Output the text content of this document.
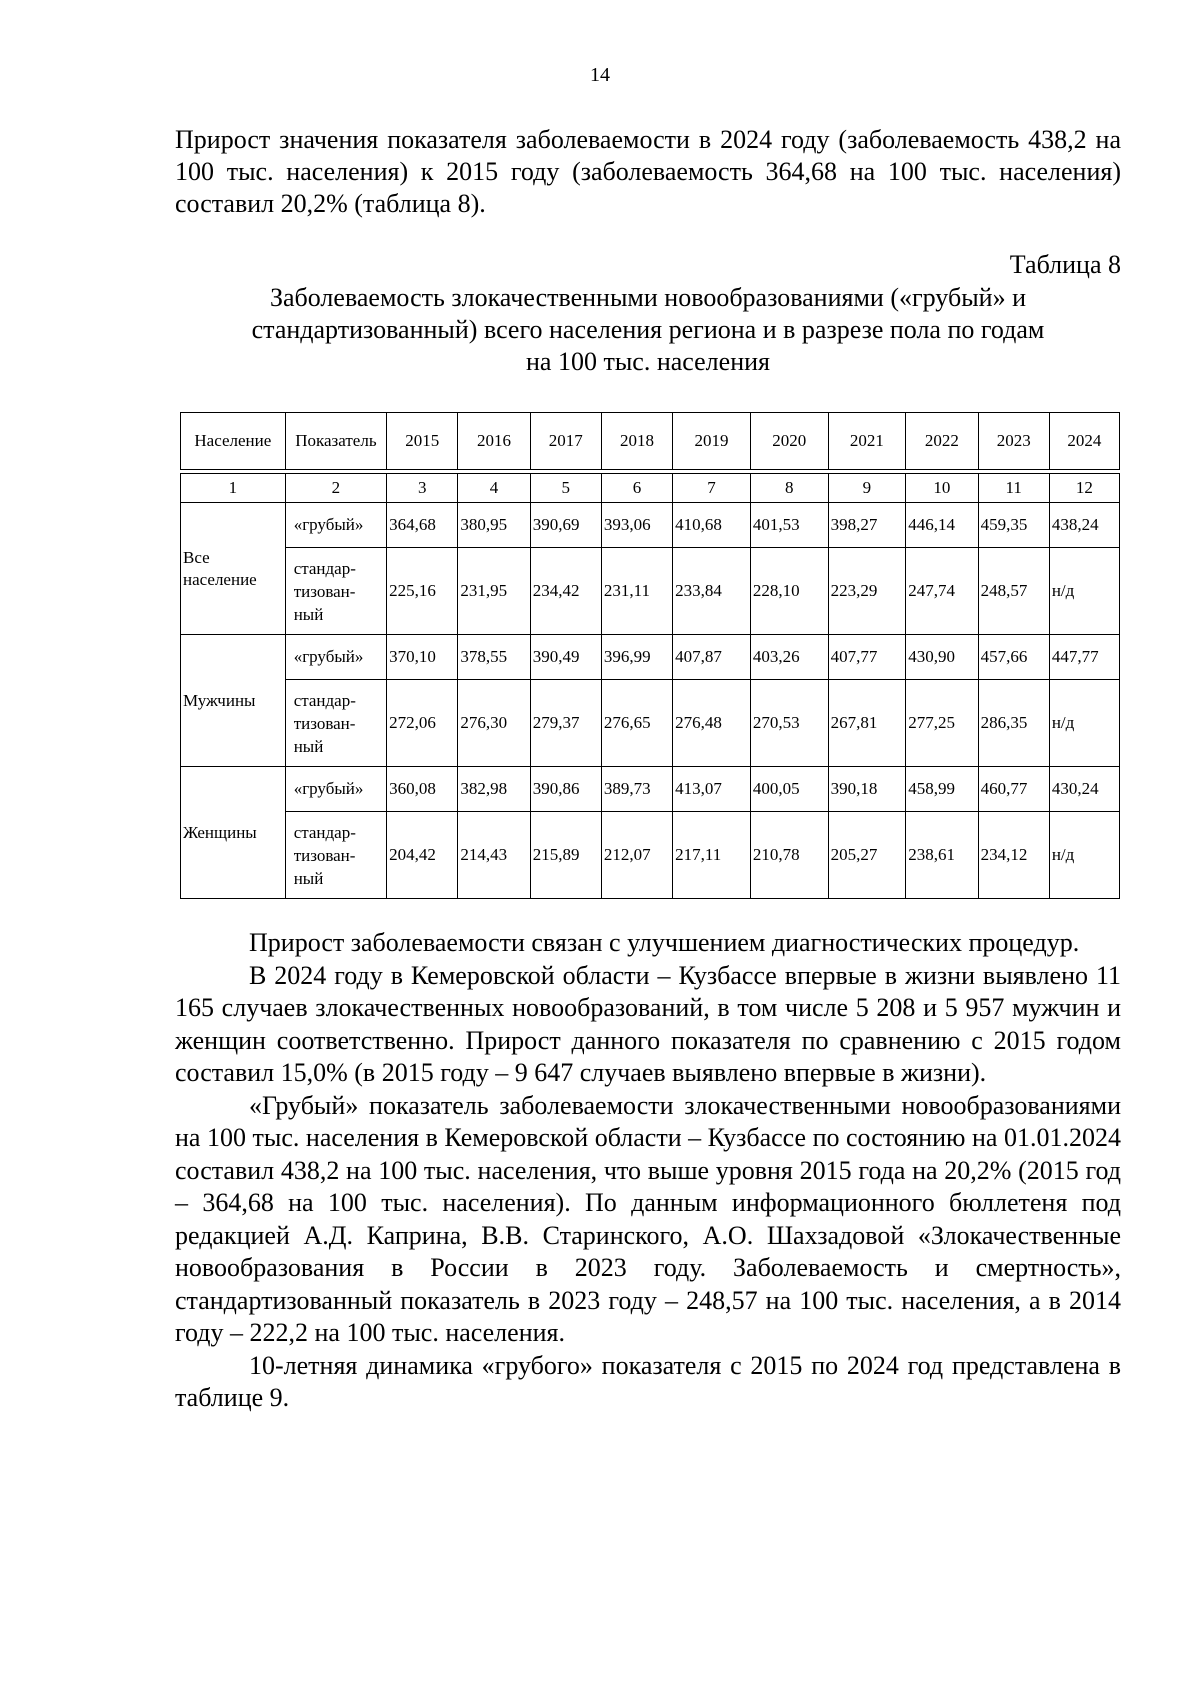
14

Прирост значения показателя заболеваемости в 2024 году (заболеваемость 438,2 на 100 тыс. населения) к 2015 году (заболеваемость 364,68 на 100 тыс. населения) составил 20,2% (таблица 8).

Таблица 8
Заболеваемость злокачественными новообразованиями («грубый» и
стандартизованный) всего населения региона и в разрезе пола по годам
на 100 тыс. населения
Население	Показатель	2015	2016	2017	2018	2019	2020	2021	2022	2023	2024

1	2	3	4	5	6	7	8	9	10	11	12

Все
население	«грубый»	364,68	380,95	390,69	393,06	410,68	401,53	398,27	446,14	459,35	438,24

	стандар-
тизован-
ный	225,16	231,95	234,42	231,11	233,84	228,10	223,29	247,74	248,57	н/д

Мужчины	«грубый»	370,10	378,55	390,49	396,99	407,87	403,26	407,77	430,90	457,66	447,77

	стандар-
тизован-
ный	272,06	276,30	279,37	276,65	276,48	270,53	267,81	277,25	286,35	н/д

Женщины	«грубый»	360,08	382,98	390,86	389,73	413,07	400,05	390,18	458,99	460,77	430,24

	стандар-
тизован-
ный	204,42	214,43	215,89	212,07	217,11	210,78	205,27	238,61	234,12	н/д

Прирост заболеваемости связан с улучшением диагностических процедур.

В 2024 году в Кемеровской области – Кузбассе впервые в жизни выявлено 11 165 случаев злокачественных новообразований, в том числе 5 208 и 5 957 мужчин и женщин соответственно. Прирост данного показателя по сравнению с 2015 годом составил 15,0% (в 2015 году – 9 647 случаев выявлено впервые в жизни).

«Грубый» показатель заболеваемости злокачественными новообразованиями на 100 тыс. населения в Кемеровской области – Кузбассе по состоянию на 01.01.2024 составил 438,2 на 100 тыс. населения, что выше уровня 2015 года на 20,2% (2015 год – 364,68 на 100 тыс. населения). По данным информационного бюллетеня под редакцией А.Д. Каприна, В.В. Старинского, А.О. Шахзадовой «Злокачественные новообразования в России в 2023 году. Заболеваемость и смертность», стандартизованный показатель в 2023 году – 248,57 на 100 тыс. населения, а в 2014 году – 222,2 на 100 тыс. населения.

10-летняя динамика «грубого» показателя с 2015 по 2024 год представлена в таблице 9.
